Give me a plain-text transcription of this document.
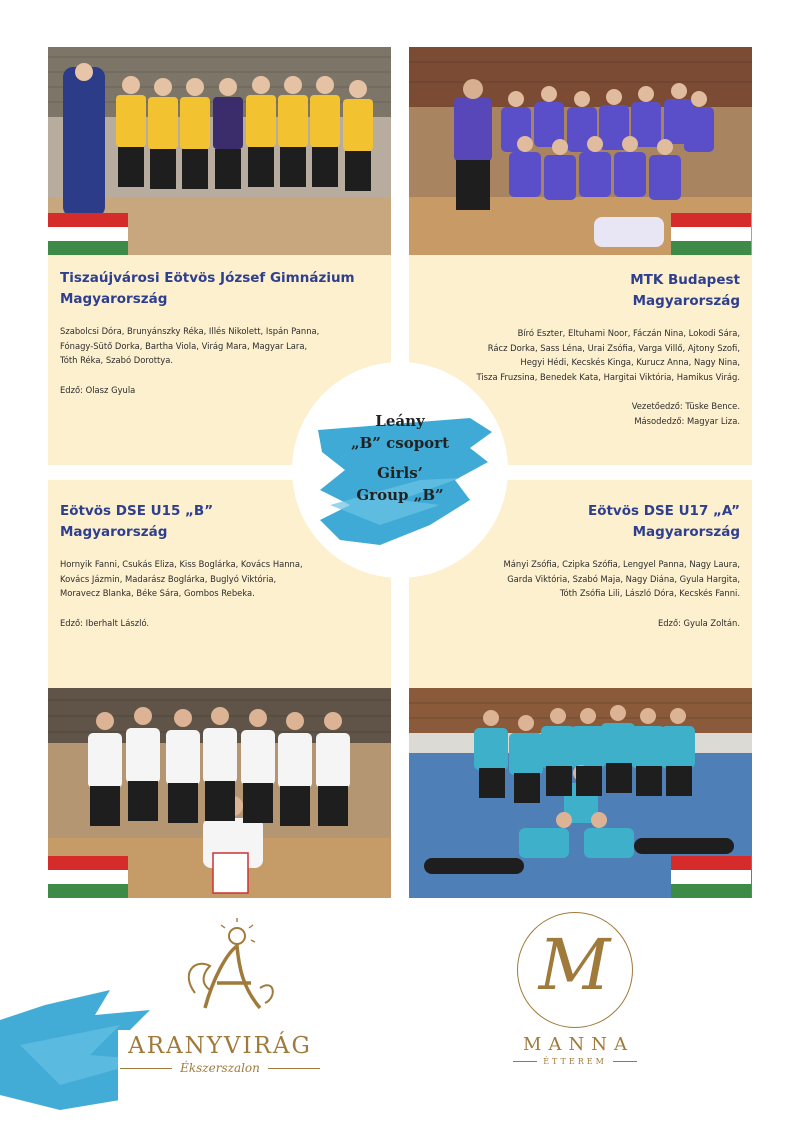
Tiszaújvárosi Eötvös József Gimnázium
Magyarország
Szabolcsi Dóra, Brunyánszky Réka, Illés Nikolett, Ispán Panna,
Fónagy-Sütő Dorka, Bartha Viola, Virág Mara, Magyar Lara,
Tóth Réka, Szabó Dorottya.
Edző: Olasz Gyula
MTK Budapest
Magyarország
Bíró Eszter, Eltuhami Noor, Fáczán Nina, Lokodi Sára,
Rácz Dorka, Sass Léna, Urai Zsófia, Varga Villő, Ajtony Szofi,
Hegyi Hédi, Kecskés Kinga, Kurucz Anna, Nagy Nina,
Tisza Fruzsina, Benedek Kata, Hargitai Viktória, Hamikus Virág.
Vezetőedző: Tüske Bence.
Másodedző: Magyar Liza.
Eötvös DSE U15 „B”
Magyarország
Hornyik Fanni, Csukás Eliza, Kiss Boglárka, Kovács Hanna,
Kovács Jázmin, Madarász Boglárka, Buglyó Viktória,
Moravecz Blanka, Béke Sára, Gombos Rebeka.
Edző: Iberhalt László.
Eötvös DSE U17 „A”
Magyarország
Mányi Zsófia, Czipka Szófia, Lengyel Panna, Nagy Laura,
Garda Viktória, Szabó Maja, Nagy Diána, Gyula Hargita,
Tóth Zsófia Lili, László Dóra, Kecskés Fanni.
Edző: Gyula Zoltán.
Leány
„B” csoport
Girls’
Group „B”
ARANYVIRÁG
Ékszerszalon
M
MANNA
ÉTTEREM
